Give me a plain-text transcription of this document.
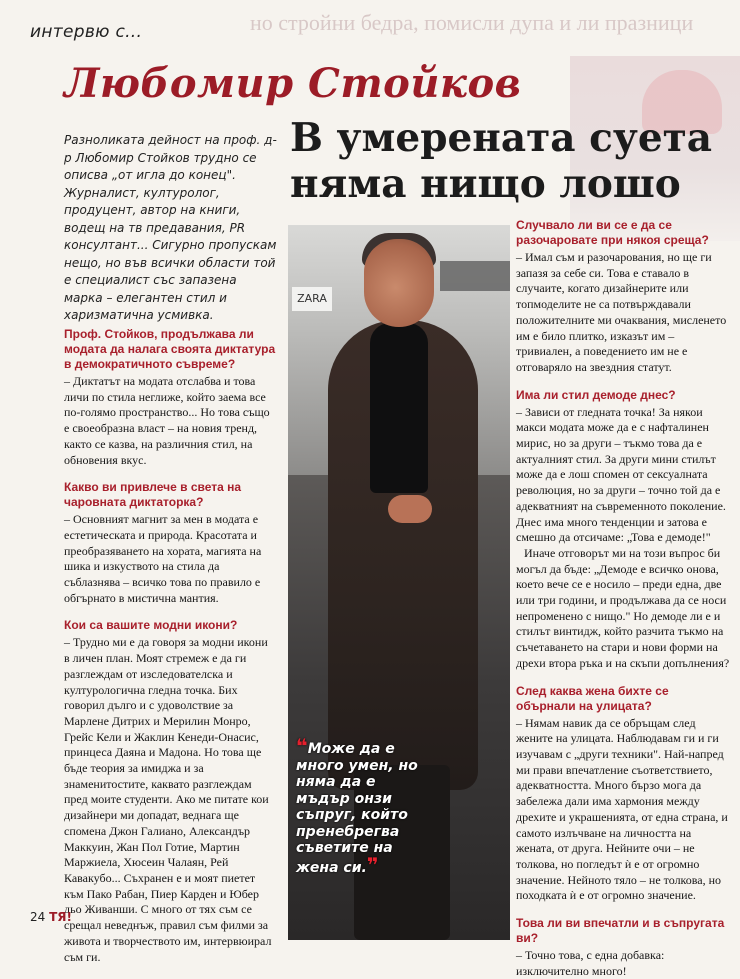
но стройни бедра, помисли дупа и ли празници
интервю с...
Любомир Стойков
В умерената суета
няма нищо лошо
Разноликата дейност на проф. д-р Любомир Стойков трудно се описва „от игла до конец". Журналист, културолог, продуцент, автор на книги, водещ на тв предавания, PR консултант... Сигурно пропускам нещо, но във всички области той е специалист със запазена марка – елегантен стил и харизматична усмивка.
Проф. Стойков, продължава ли модата да налага своята диктатура в демократичното съвреме?
– Диктатът на модата отслабва и това личи по стила неглиже, който заема все по-голямо пространство... Но това също е своеобразна власт – на новия тренд, както се казва, на различния стил, на обновения вкус.
Какво ви привлече в света на чаровната диктаторка?
– Основният магнит за мен в модата е естетическата и природа. Красотата и преобразяването на хората, магията на шика и изкуството на стила да съблазнява – всичко това по правило е обгърнато в мистична мантия.
Кои са вашите модни икони?
– Трудно ми е да говоря за модни икони в личен план. Моят стремеж е да ги разглеждам от изследователска и културологична гледна точка. Бих говорил дълго и с удоволствие за Марлене Дитрих и Мерилин Монро, Грейс Кели и Жаклин Кенеди-Онасис, принцеса Даяна и Мадона. Но това ще бъде теория за имиджа и за знаменитостите, каквато разглеждам пред моите студенти. Ако ме питате кои дизайнери ми допадат, веднага ще спомена Джон Галиано, Александър Маккуин, Жан Пол Готие, Мартин Маржиела, Хюсеин Чалаян, Рей Кавакубо... Съхранен е и моят пиетет към Пако Рабан, Пиер Карден и Юбер дьо Живанши. С много от тях съм се срещал неведнъж, правил съм филми за живота и творчеството им, интервюирал съм ги.
ZARA
❝Може да е много умен, но няма да е мъдър онзи съпруг, който пренебрегва съветите на жена си.❞
Случвало ли ви се е да се разочаровате при някоя среща?
– Имал съм и разочарования, но ще ги запазя за себе си. Това е ставало в случаите, когато дизайнерите или топмоделите не са потвърждавали положителните ми очаквания, мисленето им е било плитко, изказът им – тривиален, а поведението им не е отговаряло на звездния статут.
Има ли стил демоде днес?
– Зависи от гледната точка! За някои макси модата може да е с нафталинен мирис, но за други – тъкмо това да е актуалният стил. За други мини стилът може да е лош спомен от сексуалната революция, но за други – точно той да е адекватният на съвременното поколение. Днес има много тенденции и затова е смешно да отсичаме: „Това е демоде!"
Иначе отговорът ми на този въпрос би могъл да бъде: „Демоде е всичко онова, което вече се е носило – преди една, две или три години, и продължава да се носи непроменено с нищо." Но демоде ли е и стилът винтидж, който разчита тъкмо на съчетаването на стари и нови форми на дрехи втора ръка и на скъпи допълнения?
След каква жена бихте се обърнали на улицата?
– Нямам навик да се обръщам след жените на улицата. Наблюдавам ги и ги изучавам с „други техники". Най-напред ми прави впечатление съответствието, адекватността. Много бързо мога да забележа дали има хармония между дрехите и украшенията, от една страна, и самото излъчване на личността на жената, от друга. Нейните очи – не толкова, но погледът ѝ е от огромно значение. Нейното тяло – не толкова, но походката ѝ е от огромно значение.
Това ли ви впечатли и в съпругата ви?
– Точно това, с една добавка: изключително много!
24 ТЯ!
